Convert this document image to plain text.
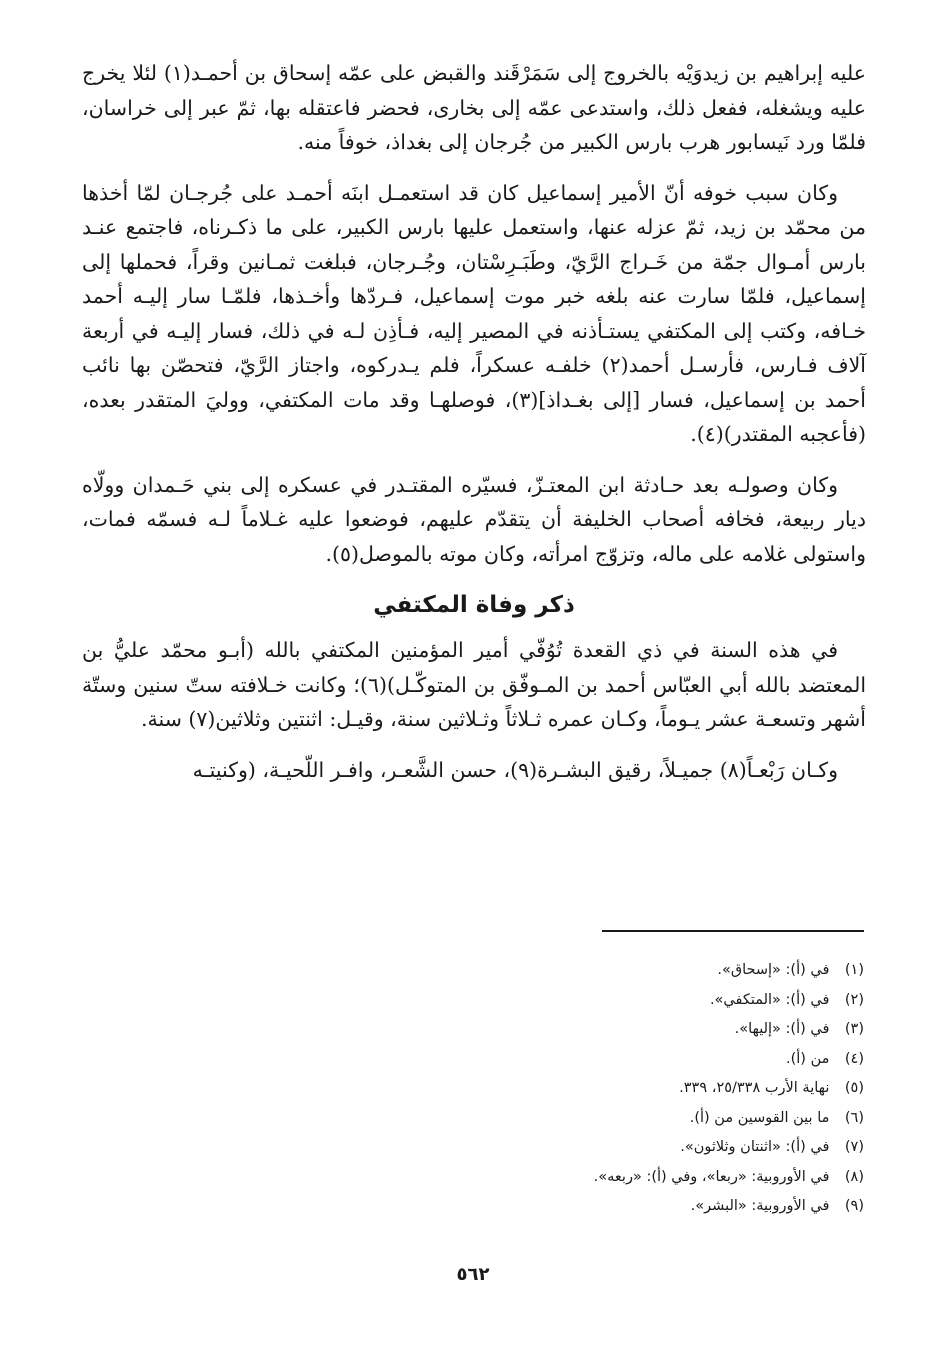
عليه إبراهيم بن زيدوَيْه بالخروج إلى سَمَرْقَند والقبض على عمّه إسحاق بن أحمـد(١) لئلا يخرج عليه ويشغله، ففعل ذلك، واستدعى عمّه إلى بخارى، فحضر فاعتقله بها، ثمّ عبر إلى خراسان، فلمّا ورد نَيسابور هرب بارس الكبير من جُرجان إلى بغداذ، خوفاً منه.

وكان سبب خوفه أنّ الأمير إسماعيل كان قد استعمـل ابنَه أحمـد على جُرجـان لمّا أخذها من محمّد بن زيد، ثمّ عزله عنها، واستعمل عليها بارس الكبير، على ما ذكـرناه، فاجتمع عنـد بارس أمـوال جمّة من خَـراج الرَّيّ، وطَبَـرِسْتان، وجُـرجان، فبلغت ثمـانين وقراً، فحملها إلى إسماعيل، فلمّا سارت عنه بلغه خبر موت إسماعيل، فـردّها وأخـذها، فلمّـا سار إليـه أحمد خـافه، وكتب إلى المكتفي يستـأذنه في المصير إليه، فـأذِن لـه في ذلك، فسار إليـه في أربعة آلاف فـارس، فأرسـل أحمد(٢) خلفـه عسكراً، فلم يـدركوه، واجتاز الرَّيّ، فتحصّن بها نائب أحمد بن إسماعيل، فسار [إلى بغـداذ](٣)، فوصلهـا وقد مات المكتفي، ووليَ المتقدر بعده، (فأعجبه المقتدر)(٤).

وكان وصولـه بعد حـادثة ابن المعتـزّ، فسيّره المقتـدر في عسكره إلى بني حَـمدان وولّاه ديار ربيعة، فخافه أصحاب الخليفة أن يتقدّم عليهم، فوضعوا عليه غـلاماً لـه فسمّه فمات، واستولى غلامه على ماله، وتزوّج امرأته، وكان موته بالموصل(٥).

ذكر وفاة المكتفي

في هذه السنة في ذي القعدة تُوُفّي أمير المؤمنين المكتفي بالله (أبـو محمّد عليُّ بن المعتضد بالله أبي العبّاس أحمد بن المـوفّق بن المتوكّـل)(٦)؛ وكانت خـلافته ستّ سنين وستّة أشهر وتسعـة عشر يـوماً، وكـان عمره ثـلاثاً وثـلاثين سنة، وقيـل: اثنتين وثلاثين(٧) سنة.

وكـان رَبْعـاً(٨) جميـلاً، رقيق البشـرة(٩)، حسن الشَّعـر، وافـر اللّحيـة، (وكنيتـه

(١) في (أ): «إسحاق».
(٢) في (أ): «المتكفي».
(٣) في (أ): «إليها».
(٤) من (أ).
(٥) نهاية الأرب ٢٥/٣٣٨، ٣٣٩.
(٦) ما بين القوسين من (أ).
(٧) في (أ): «اثنتان وثلاثون».
(٨) في الأوروبية: «ربعا»، وفي (أ): «ربعه».
(٩) في الأوروبية: «البشر».
٥٦٢
